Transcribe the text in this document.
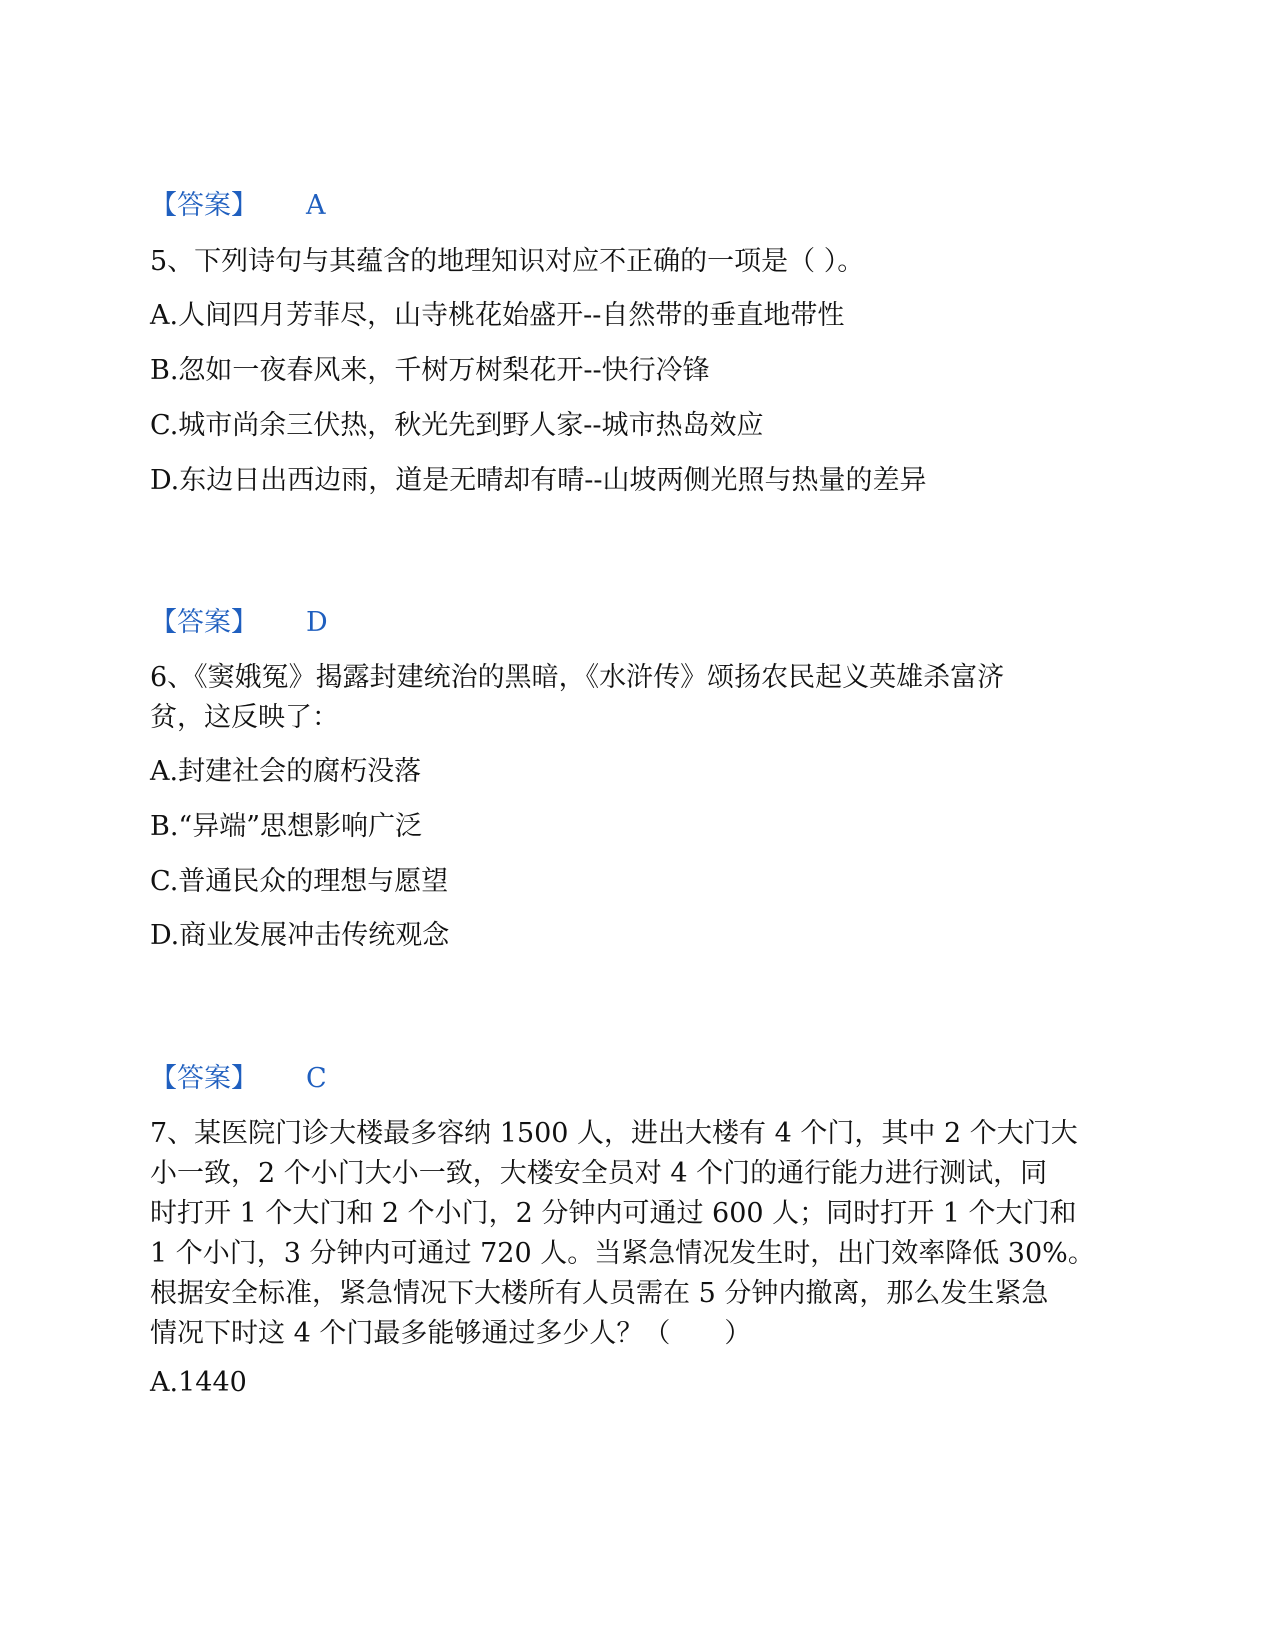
【答案】 A
5、下列诗句与其蕴含的地理知识对应不正确的一项是（ ）。
A.人间四月芳菲尽，山寺桃花始盛开--自然带的垂直地带性
B.忽如一夜春风来，千树万树梨花开--快行冷锋
C.城市尚余三伏热，秋光先到野人家--城市热岛效应
D.东边日出西边雨，道是无晴却有晴--山坡两侧光照与热量的差异
【答案】 D
6、《窦娥冤》揭露封建统治的黑暗，《水浒传》颂扬农民起义英雄杀富济
贫，这反映了：
A.封建社会的腐朽没落
B.“异端”思想影响广泛
C.普通民众的理想与愿望
D.商业发展冲击传统观念
【答案】 C
7、某医院门诊大楼最多容纳 1500 人，进出大楼有 4 个门，其中 2 个大门大
小一致，2 个小门大小一致，大楼安全员对 4 个门的通行能力进行测试，同
时打开 1 个大门和 2 个小门，2 分钟内可通过 600 人；同时打开 1 个大门和
1 个小门，3 分钟内可通过 720 人。当紧急情况发生时，出门效率降低 30%。
根据安全标准，紧急情况下大楼所有人员需在 5 分钟内撤离，那么发生紧急
情况下时这 4 个门最多能够通过多少人？（　　）
A.1440
